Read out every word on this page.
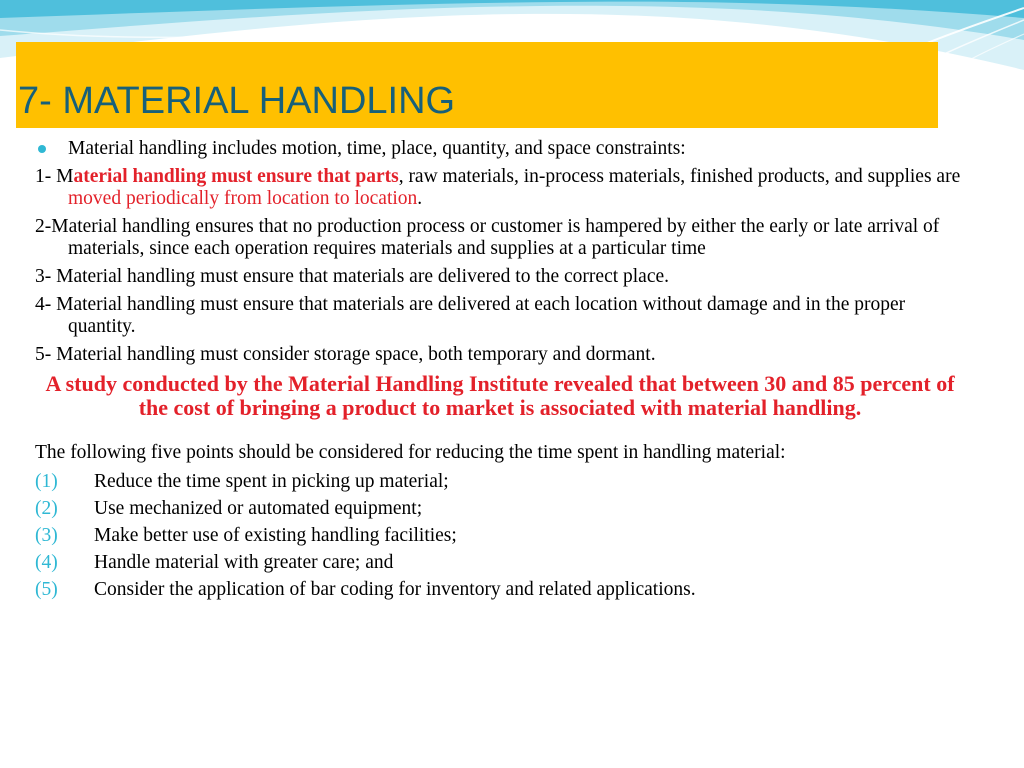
7- MATERIAL HANDLING
Material handling includes motion, time, place, quantity, and space constraints:
1- Material handling must ensure that parts, raw materials, in-process materials, finished products, and supplies are moved periodically from location to location.
2-Material handling ensures that no production process or customer is hampered by either the early or late arrival of materials, since each operation requires materials and supplies at a particular time
3- Material handling must ensure that materials are delivered to the correct place.
4- Material handling must ensure that materials are delivered at each location without damage and in the proper quantity.
5- Material handling must consider storage space, both temporary and dormant.
A study conducted by the Material Handling Institute revealed that between 30 and 85 percent of the cost of bringing a product to market is associated with material handling.
The following five points should be considered for reducing the time spent in handling material:
(1) Reduce the time spent in picking up material;
(2) Use mechanized or automated equipment;
(3) Make better use of existing handling facilities;
(4) Handle material with greater care; and
(5) Consider the application of bar coding for inventory and related applications.
